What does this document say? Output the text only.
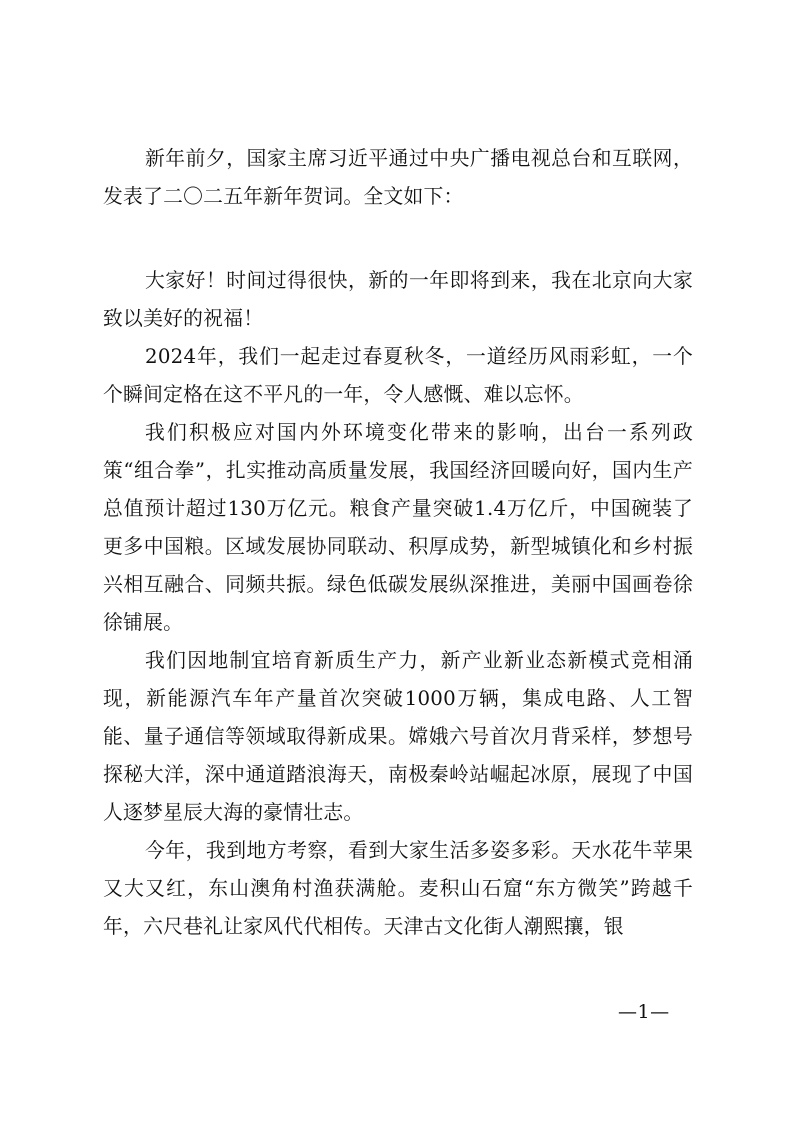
新年前夕，国家主席习近平通过中央广播电视总台和互联网，发表了二〇二五年新年贺词。全文如下：

大家好！时间过得很快，新的一年即将到来，我在北京向大家致以美好的祝福！

2024年，我们一起走过春夏秋冬，一道经历风雨彩虹，一个个瞬间定格在这不平凡的一年，令人感慨、难以忘怀。

我们积极应对国内外环境变化带来的影响，出台一系列政策“组合拳”，扎实推动高质量发展，我国经济回暖向好，国内生产总值预计超过130万亿元。粮食产量突破1.4万亿斤，中国碗装了更多中国粮。区域发展协同联动、积厚成势，新型城镇化和乡村振兴相互融合、同频共振。绿色低碳发展纵深推进，美丽中国画卷徐徐铺展。

我们因地制宜培育新质生产力，新产业新业态新模式竞相涌现，新能源汽车年产量首次突破1000万辆，集成电路、人工智能、量子通信等领域取得新成果。嫦娥六号首次月背采样，梦想号探秘大洋，深中通道踏浪海天，南极秦岭站崛起冰原，展现了中国人逐梦星辰大海的豪情壮志。

今年，我到地方考察，看到大家生活多姿多彩。天水花牛苹果又大又红，东山澳角村渔获满舱。麦积山石窟“东方微笑”跨越千年，六尺巷礼让家风代代相传。天津古文化街人潮熙攘，银

—1—
